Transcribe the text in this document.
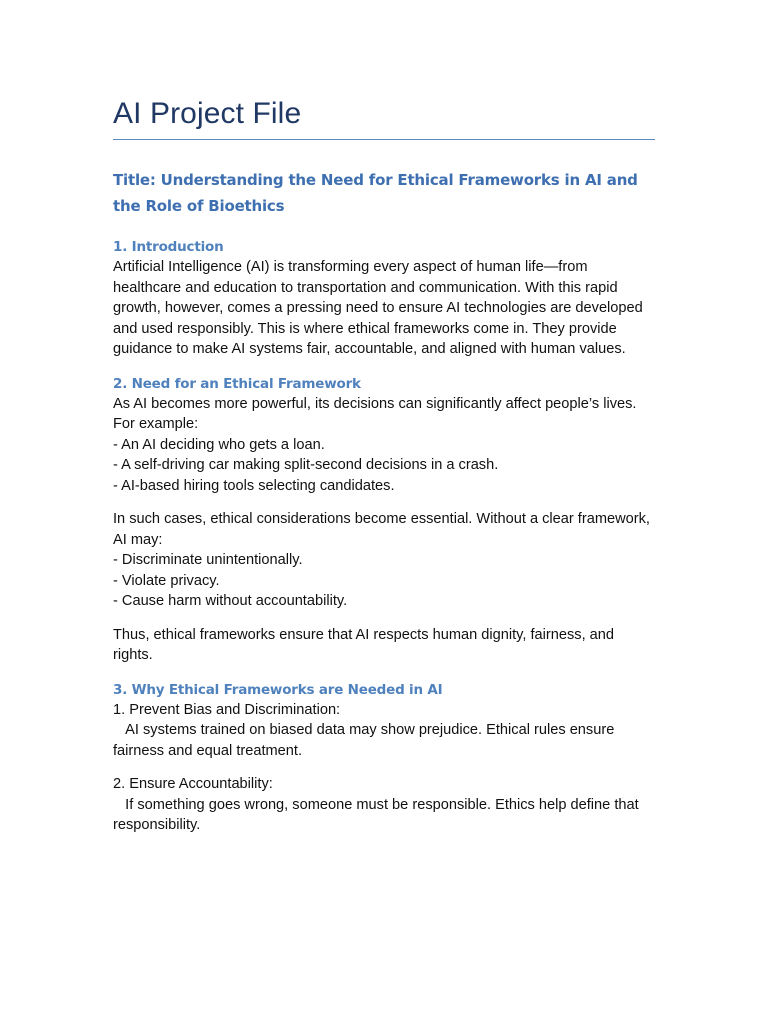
AI Project File

Title: Understanding the Need for Ethical Frameworks in AI and the Role of Bioethics

1. Introduction

Artificial Intelligence (AI) is transforming every aspect of human life—from healthcare and education to transportation and communication. With this rapid growth, however, comes a pressing need to ensure AI technologies are developed and used responsibly. This is where ethical frameworks come in. They provide guidance to make AI systems fair, accountable, and aligned with human values.

2. Need for an Ethical Framework

As AI becomes more powerful, its decisions can significantly affect people’s lives.

For example:

- An AI deciding who gets a loan.

- A self-driving car making split-second decisions in a crash.

- AI-based hiring tools selecting candidates.

In such cases, ethical considerations become essential. Without a clear framework, AI may:

- Discriminate unintentionally.

- Violate privacy.

- Cause harm without accountability.

Thus, ethical frameworks ensure that AI respects human dignity, fairness, and rights.

3. Why Ethical Frameworks are Needed in AI

1. Prevent Bias and Discrimination:

AI systems trained on biased data may show prejudice. Ethical rules ensure fairness and equal treatment.

2. Ensure Accountability:

If something goes wrong, someone must be responsible. Ethics help define that responsibility.
